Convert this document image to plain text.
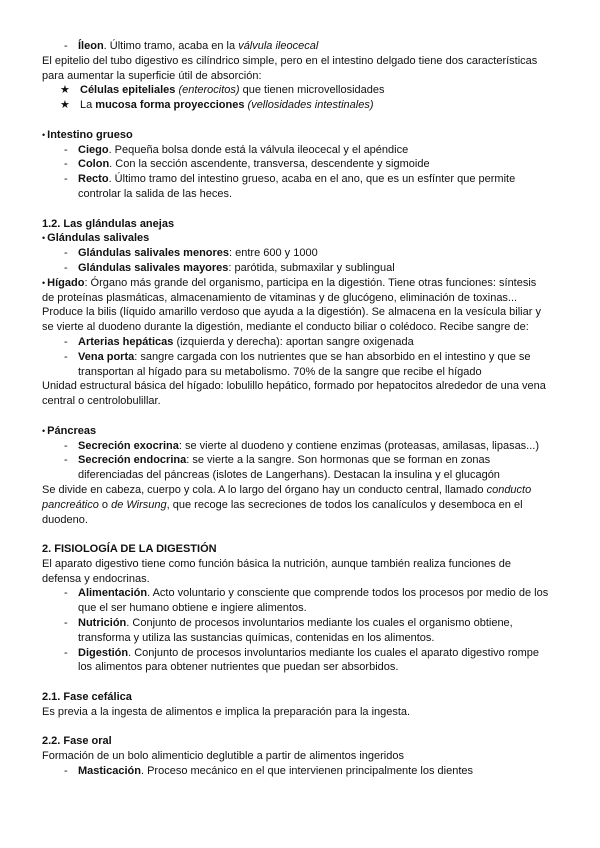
- Íleon. Último tramo, acaba en la válvula ileocecal
El epitelio del tubo digestivo es cilíndrico simple, pero en el intestino delgado tiene dos características
para aumentar la superficie útil de absorción:
★ Células epiteliales (enterocitos) que tienen microvellosidades
★ La mucosa forma proyecciones (vellosidades intestinales)
• Intestino grueso
- Ciego. Pequeña bolsa donde está la válvula ileocecal y el apéndice
- Colon. Con la sección ascendente, transversa, descendente y sigmoide
- Recto. Último tramo del intestino grueso, acaba en el ano, que es un esfínter que permite
controlar la salida de las heces.
1.2. Las glándulas anejas
• Glándulas salivales
- Glándulas salivales menores: entre 600 y 1000
- Glándulas salivales mayores: parótida, submaxilar y sublingual
• Hígado: Órgano más grande del organismo, participa en la digestión. Tiene otras funciones: síntesis
de proteínas plasmáticas, almacenamiento de vitaminas y de glucógeno, eliminación de toxinas...
Produce la bilis (líquido amarillo verdoso que ayuda a la digestión). Se almacena en la vesícula biliar y
se vierte al duodeno durante la digestión, mediante el conducto biliar o colédoco. Recibe sangre de:
- Arterias hepáticas (izquierda y derecha): aportan sangre oxigenada
- Vena porta: sangre cargada con los nutrientes que se han absorbido en el intestino y que se
transportan al hígado para su metabolismo. 70% de la sangre que recibe el hígado
Unidad estructural básica del hígado: lobulillo hepático, formado por hepatocitos alrededor de una vena
central o centrolobulillar.
• Páncreas
- Secreción exocrina: se vierte al duodeno y contiene enzimas (proteasas, amilasas, lipasas...)
- Secreción endocrina: se vierte a la sangre. Son hormonas que se forman en zonas
diferenciadas del páncreas (islotes de Langerhans). Destacan la insulina y el glucagón
Se divide en cabeza, cuerpo y cola. A lo largo del órgano hay un conducto central, llamado conducto
pancreático o de Wirsung, que recoge las secreciones de todos los canalículos y desemboca en el
duodeno.
2. FISIOLOGÍA DE LA DIGESTIÓN
El aparato digestivo tiene como función básica la nutrición, aunque también realiza funciones de
defensa y endocrinas.
- Alimentación. Acto voluntario y consciente que comprende todos los procesos por medio de los
que el ser humano obtiene e ingiere alimentos.
- Nutrición. Conjunto de procesos involuntarios mediante los cuales el organismo obtiene,
transforma y utiliza las sustancias químicas, contenidas en los alimentos.
- Digestión. Conjunto de procesos involuntarios mediante los cuales el aparato digestivo rompe
los alimentos para obtener nutrientes que puedan ser absorbidos.
2.1. Fase cefálica
Es previa a la ingesta de alimentos e implica la preparación para la ingesta.
2.2. Fase oral
Formación de un bolo alimenticio deglutible a partir de alimentos ingeridos
- Masticación. Proceso mecánico en el que intervienen principalmente los dientes
